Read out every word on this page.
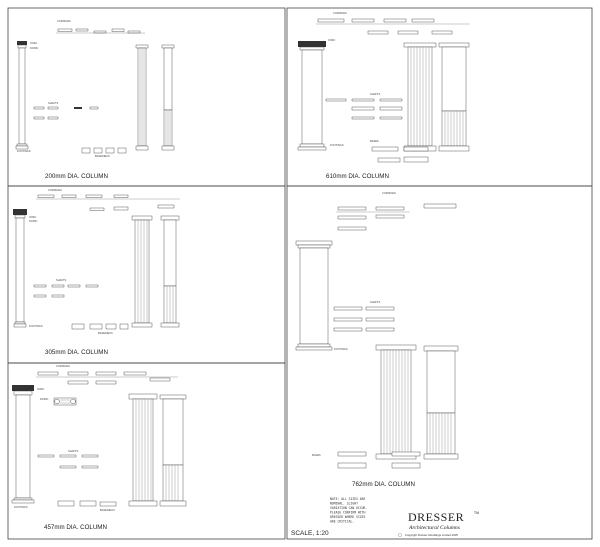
CORNICES
IONIC
DORIC
SHAFTS
FOOTINGS
BASE/NECK
200mm DIA. COLUMN
CORNICES
IONIC
FOOTINGS
SHAFTS
BASES
610mm DIA. COLUMN
CORNICES
IONIC
DORIC
SHAFTS
FOOTINGS
BASE/NECK
305mm DIA. COLUMN
CORNICES
FOOTINGS
SHAFTS
BASES
762mm DIA. COLUMN
CORNICES
IONIC
DORIC
SHAFTS
FOOTINGS
BASE/NECK
457mm DIA. COLUMN
SCALE, 1:20
NOTE: ALL SIZES ARE
NOMINAL. SLIGHT
VARIATION CAN OCCUR.
PLEASE CONFIRM WITH
DRESSER WHERE SIZES
ARE CRITICAL.	DRESSER	TM
Architectural Columns
Copyright Dresser Mouldings Limited 2005
